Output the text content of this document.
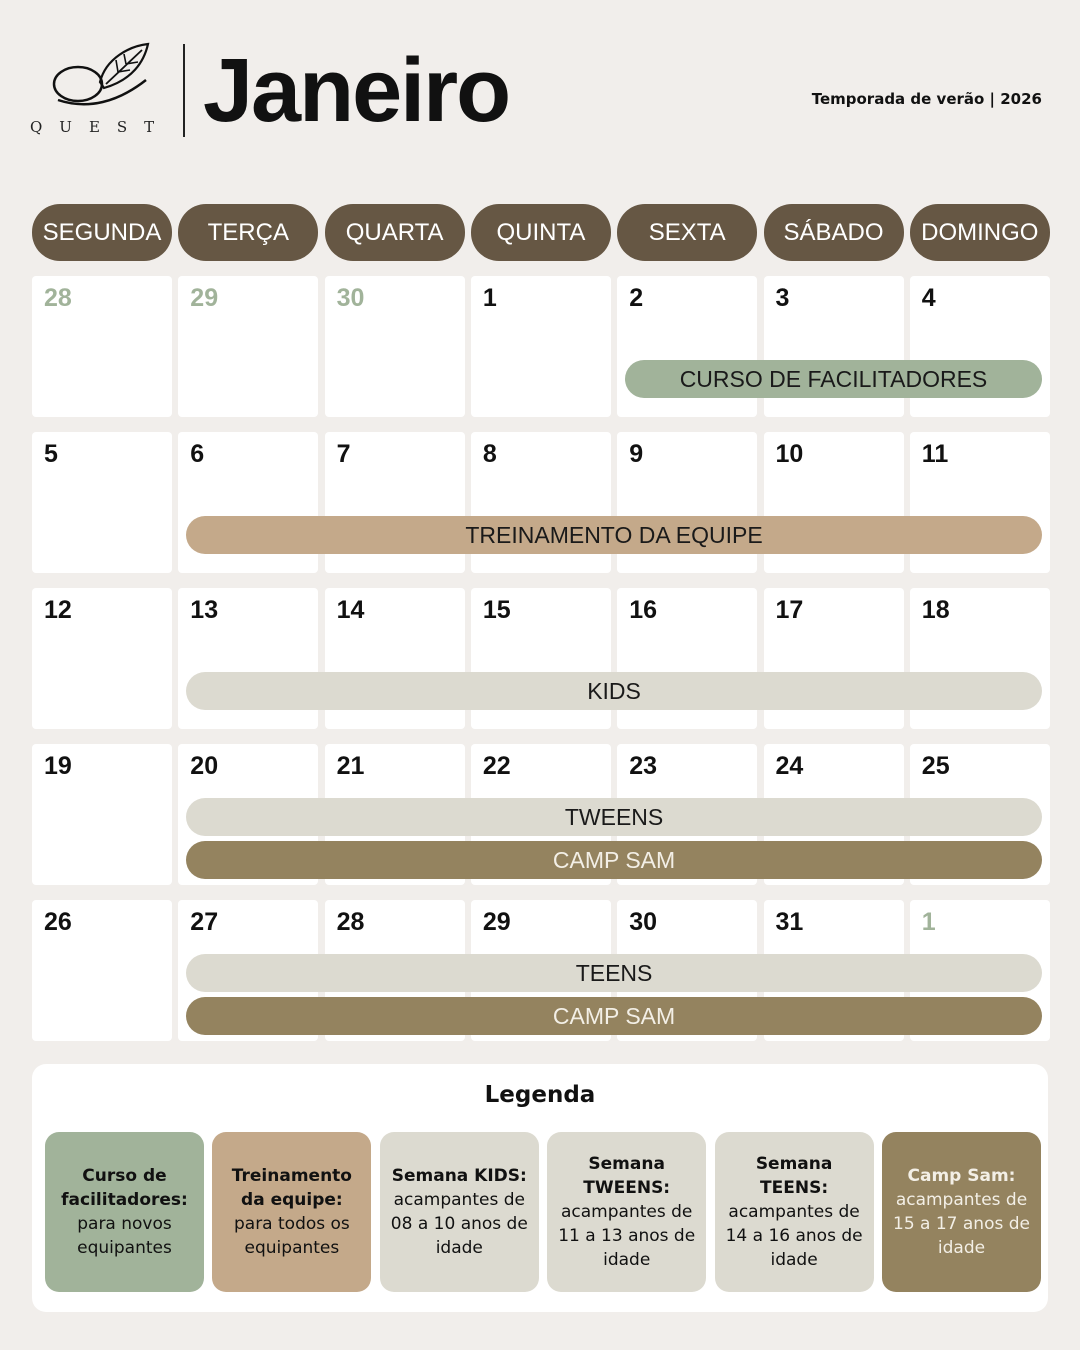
QUEST Janeiro	Temporada de verão | 2026
SEGUNDA	TERÇA	QUARTA	QUINTA	SEXTA	SÁBADO	DOMINGO
28	29	30	1	2	3	4
5	6	7	8	9	10	11
12	13	14	15	16	17	18
19	20	21	22	23	24	25
26	27	28	29	30	31	1
CURSO DE FACILITADORES
TREINAMENTO DA EQUIPE
KIDS
TWEENS
CAMP SAM
TEENS
CAMP SAM
Legenda
Curso de facilitadores:
para novos equipantes
Treinamento da equipe:
para todos os equipantes
Semana KIDS:
acampantes de 08 a 10 anos de idade
Semana TWEENS:
acampantes de 11 a 13 anos de idade
Semana TEENS:
acampantes de 14 a 16 anos de idade
Camp Sam:
acampantes de 15 a 17 anos de idade
